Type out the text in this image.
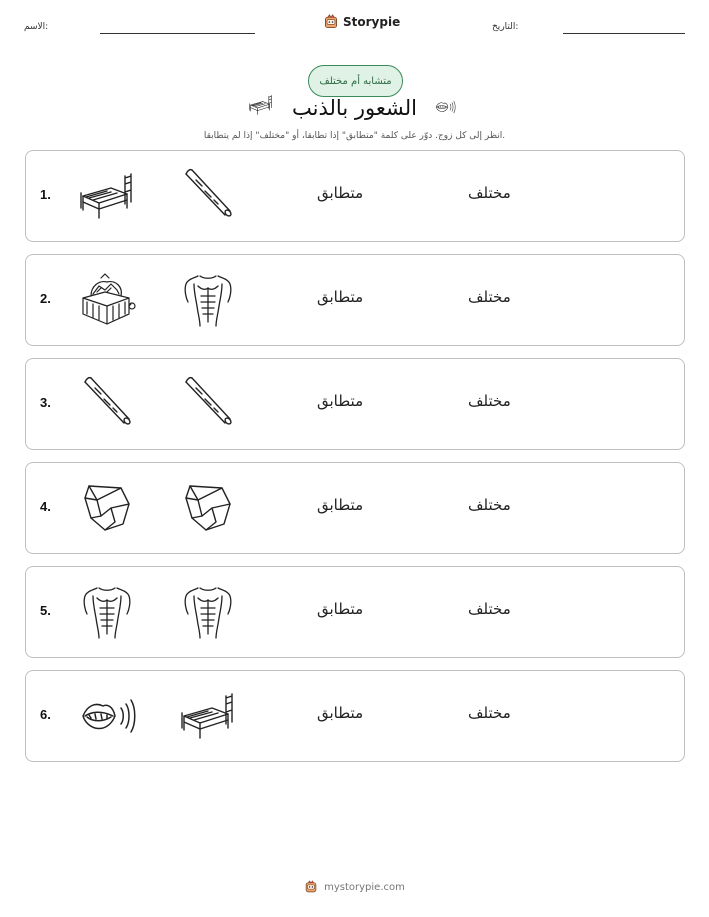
الاسم:	Storypie	التاريخ:
متشابه أم مختلف
الشعور بالذنب
انظر إلى كل زوج. دوّر على كلمة "متطابق" إذا تطابقا، أو "مختلف" إذا لم يتطابقا.
1.	متطابق	مختلف
2.	متطابق	مختلف
3.	متطابق	مختلف
4.	متطابق	مختلف
5.	متطابق	مختلف
6.	متطابق	مختلف
mystorypie.com
